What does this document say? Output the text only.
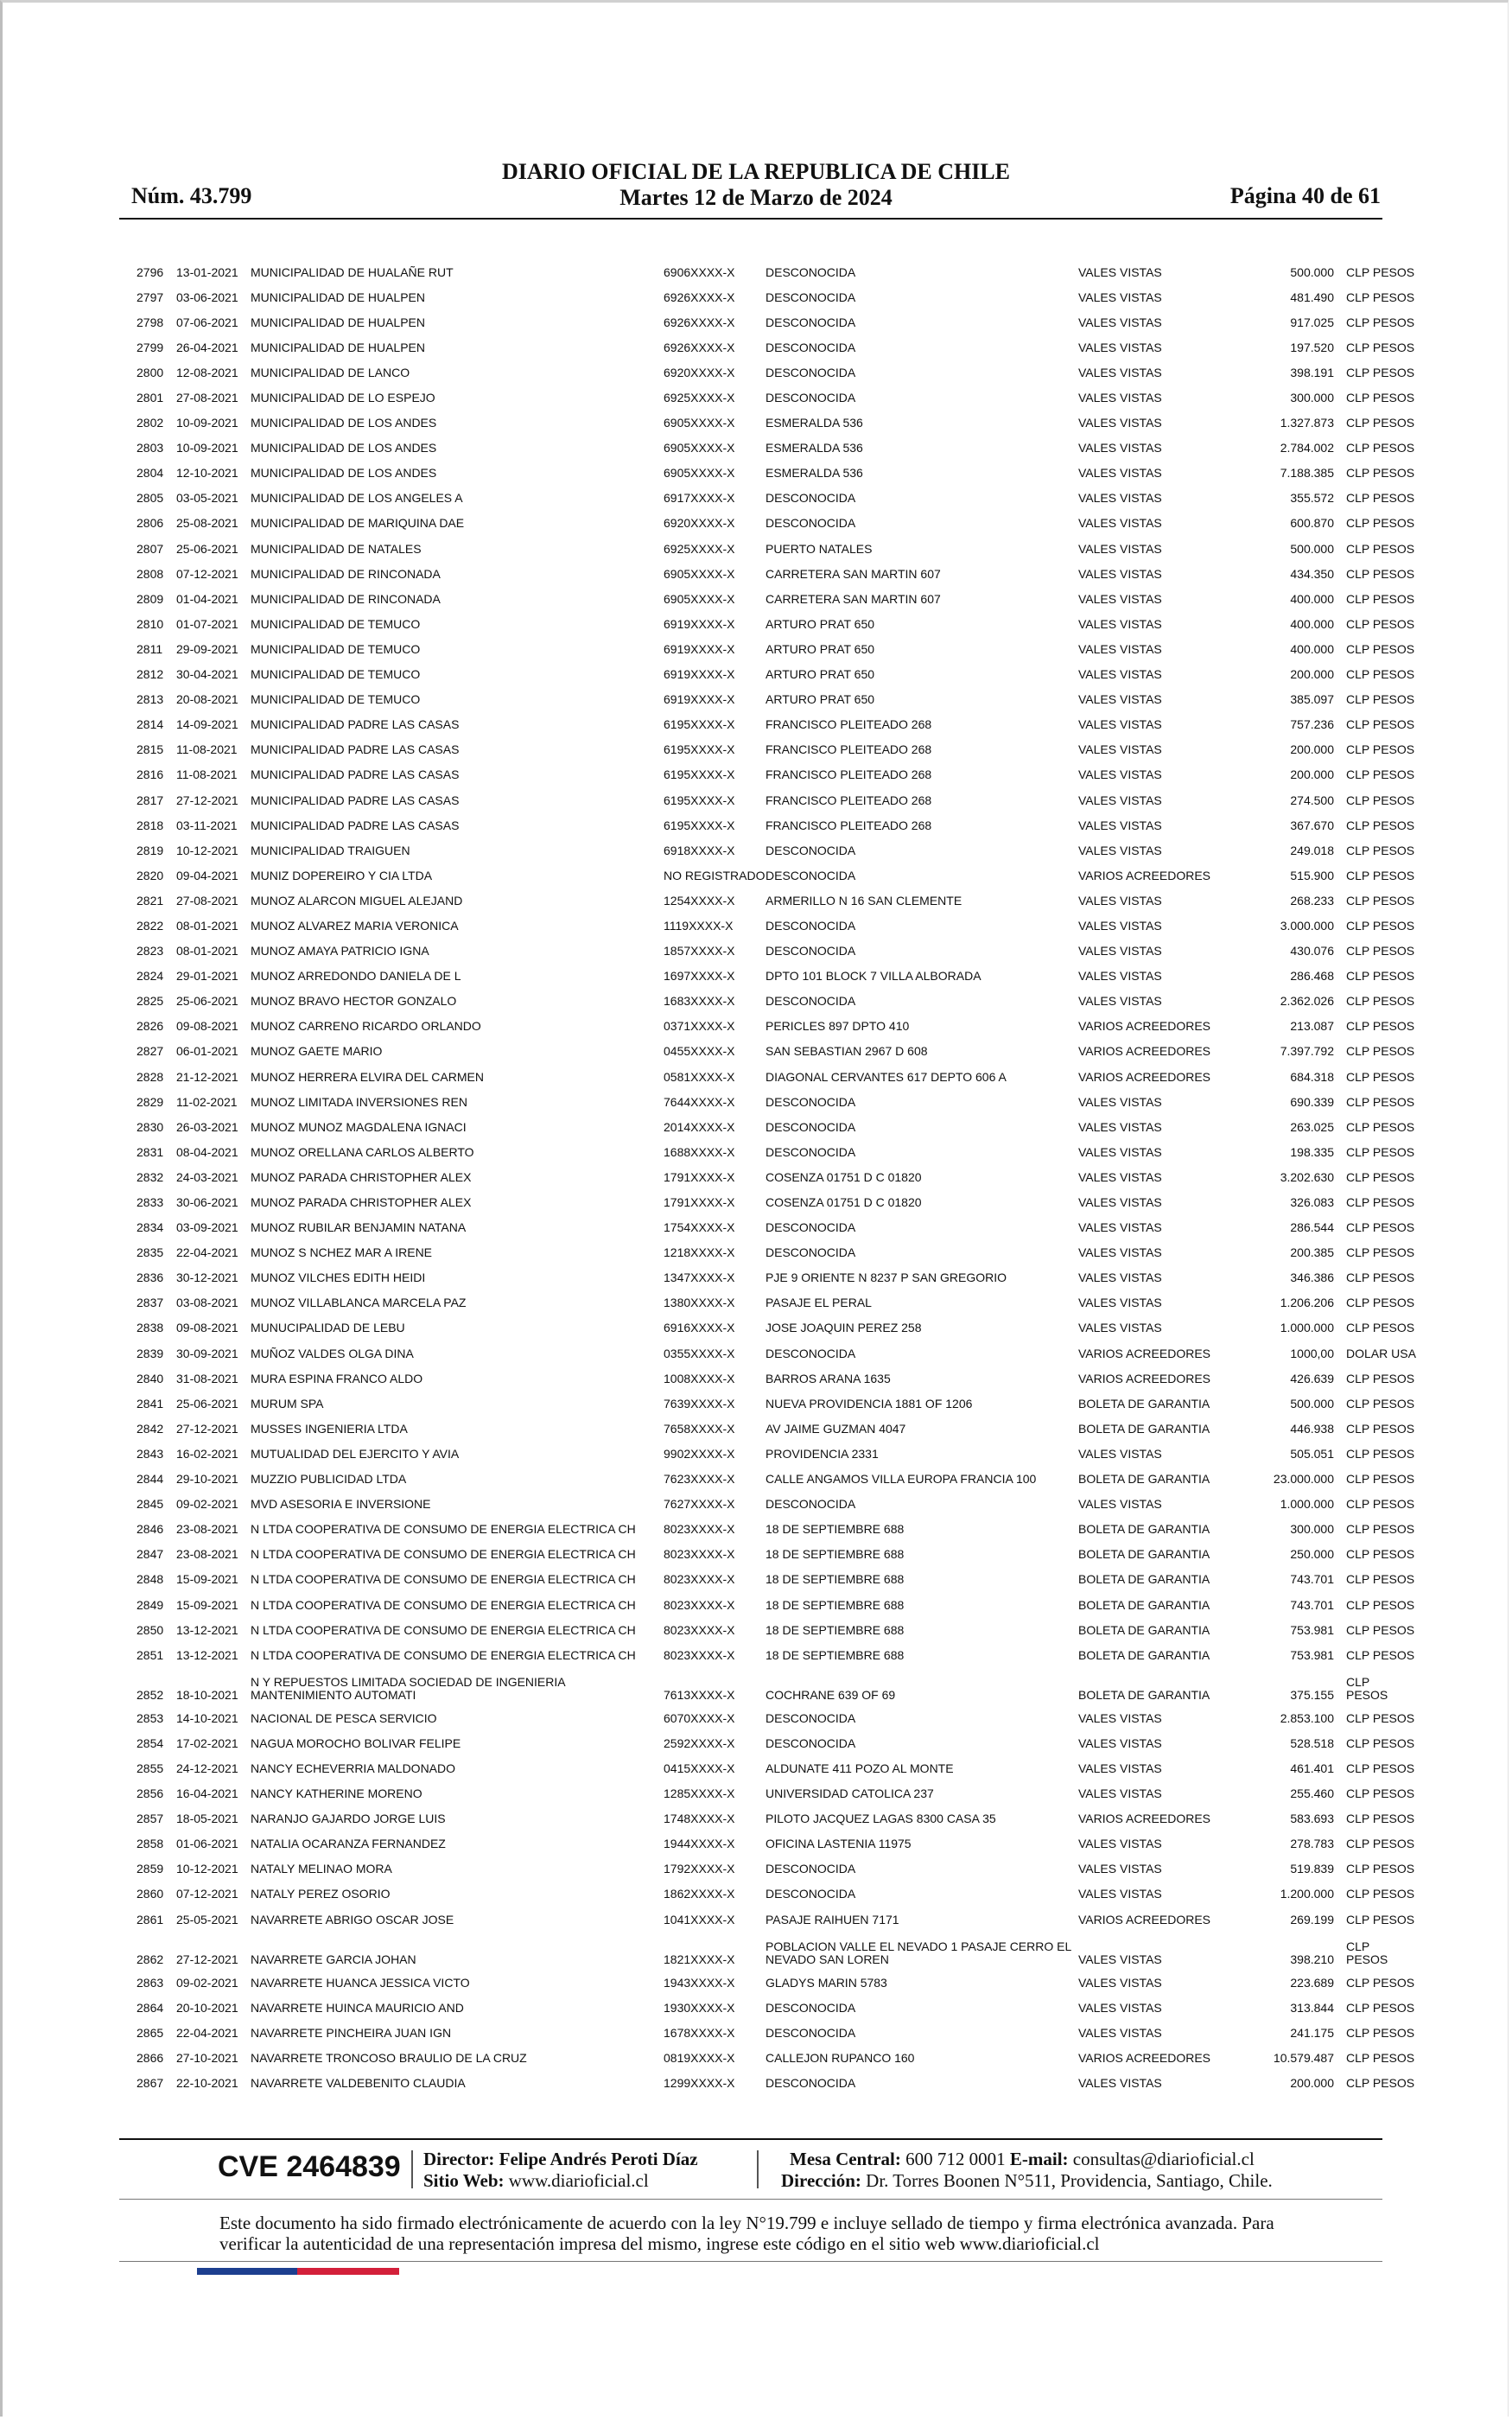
Núm. 43.799
DIARIO OFICIAL DE LA REPUBLICA DE CHILE
Martes 12 de Marzo de 2024	Página 40 de 61
2796	13-01-2021	MUNICIPALIDAD DE HUALAÑE RUT	6906XXXX-X	DESCONOCIDA	VALES VISTAS	500.000	CLP PESOS
2797	03-06-2021	MUNICIPALIDAD DE HUALPEN	6926XXXX-X	DESCONOCIDA	VALES VISTAS	481.490	CLP PESOS
2798	07-06-2021	MUNICIPALIDAD DE HUALPEN	6926XXXX-X	DESCONOCIDA	VALES VISTAS	917.025	CLP PESOS
2799	26-04-2021	MUNICIPALIDAD DE HUALPEN	6926XXXX-X	DESCONOCIDA	VALES VISTAS	197.520	CLP PESOS
2800	12-08-2021	MUNICIPALIDAD DE LANCO	6920XXXX-X	DESCONOCIDA	VALES VISTAS	398.191	CLP PESOS
2801	27-08-2021	MUNICIPALIDAD DE LO ESPEJO	6925XXXX-X	DESCONOCIDA	VALES VISTAS	300.000	CLP PESOS
2802	10-09-2021	MUNICIPALIDAD DE LOS ANDES	6905XXXX-X	ESMERALDA 536	VALES VISTAS	1.327.873	CLP PESOS
2803	10-09-2021	MUNICIPALIDAD DE LOS ANDES	6905XXXX-X	ESMERALDA 536	VALES VISTAS	2.784.002	CLP PESOS
2804	12-10-2021	MUNICIPALIDAD DE LOS ANDES	6905XXXX-X	ESMERALDA 536	VALES VISTAS	7.188.385	CLP PESOS
2805	03-05-2021	MUNICIPALIDAD DE LOS ANGELES A	6917XXXX-X	DESCONOCIDA	VALES VISTAS	355.572	CLP PESOS
2806	25-08-2021	MUNICIPALIDAD DE MARIQUINA DAE	6920XXXX-X	DESCONOCIDA	VALES VISTAS	600.870	CLP PESOS
2807	25-06-2021	MUNICIPALIDAD DE NATALES	6925XXXX-X	PUERTO NATALES	VALES VISTAS	500.000	CLP PESOS
2808	07-12-2021	MUNICIPALIDAD DE RINCONADA	6905XXXX-X	CARRETERA SAN MARTIN 607	VALES VISTAS	434.350	CLP PESOS
2809	01-04-2021	MUNICIPALIDAD DE RINCONADA	6905XXXX-X	CARRETERA SAN MARTIN 607	VALES VISTAS	400.000	CLP PESOS
2810	01-07-2021	MUNICIPALIDAD DE TEMUCO	6919XXXX-X	ARTURO PRAT 650	VALES VISTAS	400.000	CLP PESOS
2811	29-09-2021	MUNICIPALIDAD DE TEMUCO	6919XXXX-X	ARTURO PRAT 650	VALES VISTAS	400.000	CLP PESOS
2812	30-04-2021	MUNICIPALIDAD DE TEMUCO	6919XXXX-X	ARTURO PRAT 650	VALES VISTAS	200.000	CLP PESOS
2813	20-08-2021	MUNICIPALIDAD DE TEMUCO	6919XXXX-X	ARTURO PRAT 650	VALES VISTAS	385.097	CLP PESOS
2814	14-09-2021	MUNICIPALIDAD PADRE LAS CASAS	6195XXXX-X	FRANCISCO PLEITEADO 268	VALES VISTAS	757.236	CLP PESOS
2815	11-08-2021	MUNICIPALIDAD PADRE LAS CASAS	6195XXXX-X	FRANCISCO PLEITEADO 268	VALES VISTAS	200.000	CLP PESOS
2816	11-08-2021	MUNICIPALIDAD PADRE LAS CASAS	6195XXXX-X	FRANCISCO PLEITEADO 268	VALES VISTAS	200.000	CLP PESOS
2817	27-12-2021	MUNICIPALIDAD PADRE LAS CASAS	6195XXXX-X	FRANCISCO PLEITEADO 268	VALES VISTAS	274.500	CLP PESOS
2818	03-11-2021	MUNICIPALIDAD PADRE LAS CASAS	6195XXXX-X	FRANCISCO PLEITEADO 268	VALES VISTAS	367.670	CLP PESOS
2819	10-12-2021	MUNICIPALIDAD TRAIGUEN	6918XXXX-X	DESCONOCIDA	VALES VISTAS	249.018	CLP PESOS
2820	09-04-2021	MUNIZ DOPEREIRO Y CIA LTDA	NO REGISTRADO	DESCONOCIDA	VARIOS ACREEDORES	515.900	CLP PESOS
2821	27-08-2021	MUNOZ ALARCON MIGUEL ALEJAND	1254XXXX-X	ARMERILLO N 16 SAN CLEMENTE	VALES VISTAS	268.233	CLP PESOS
2822	08-01-2021	MUNOZ ALVAREZ MARIA VERONICA	1119XXXX-X	DESCONOCIDA	VALES VISTAS	3.000.000	CLP PESOS
2823	08-01-2021	MUNOZ AMAYA PATRICIO IGNA	1857XXXX-X	DESCONOCIDA	VALES VISTAS	430.076	CLP PESOS
2824	29-01-2021	MUNOZ ARREDONDO DANIELA DE L	1697XXXX-X	DPTO 101 BLOCK 7 VILLA ALBORADA	VALES VISTAS	286.468	CLP PESOS
2825	25-06-2021	MUNOZ BRAVO HECTOR GONZALO	1683XXXX-X	DESCONOCIDA	VALES VISTAS	2.362.026	CLP PESOS
2826	09-08-2021	MUNOZ CARRENO RICARDO ORLANDO	0371XXXX-X	PERICLES 897 DPTO 410	VARIOS ACREEDORES	213.087	CLP PESOS
2827	06-01-2021	MUNOZ GAETE MARIO	0455XXXX-X	SAN SEBASTIAN 2967 D 608	VARIOS ACREEDORES	7.397.792	CLP PESOS
2828	21-12-2021	MUNOZ HERRERA ELVIRA DEL CARMEN	0581XXXX-X	DIAGONAL CERVANTES 617 DEPTO 606 A	VARIOS ACREEDORES	684.318	CLP PESOS
2829	11-02-2021	MUNOZ LIMITADA INVERSIONES REN	7644XXXX-X	DESCONOCIDA	VALES VISTAS	690.339	CLP PESOS
2830	26-03-2021	MUNOZ MUNOZ MAGDALENA IGNACI	2014XXXX-X	DESCONOCIDA	VALES VISTAS	263.025	CLP PESOS
2831	08-04-2021	MUNOZ ORELLANA CARLOS ALBERTO	1688XXXX-X	DESCONOCIDA	VALES VISTAS	198.335	CLP PESOS
2832	24-03-2021	MUNOZ PARADA CHRISTOPHER ALEX	1791XXXX-X	COSENZA 01751 D C 01820	VALES VISTAS	3.202.630	CLP PESOS
2833	30-06-2021	MUNOZ PARADA CHRISTOPHER ALEX	1791XXXX-X	COSENZA 01751 D C 01820	VALES VISTAS	326.083	CLP PESOS
2834	03-09-2021	MUNOZ RUBILAR BENJAMIN NATANA	1754XXXX-X	DESCONOCIDA	VALES VISTAS	286.544	CLP PESOS
2835	22-04-2021	MUNOZ S NCHEZ MAR A IRENE	1218XXXX-X	DESCONOCIDA	VALES VISTAS	200.385	CLP PESOS
2836	30-12-2021	MUNOZ VILCHES EDITH HEIDI	1347XXXX-X	PJE 9 ORIENTE N 8237 P SAN GREGORIO	VALES VISTAS	346.386	CLP PESOS
2837	03-08-2021	MUNOZ VILLABLANCA MARCELA PAZ	1380XXXX-X	PASAJE EL PERAL	VALES VISTAS	1.206.206	CLP PESOS
2838	09-08-2021	MUNUCIPALIDAD DE LEBU	6916XXXX-X	JOSE JOAQUIN PEREZ 258	VALES VISTAS	1.000.000	CLP PESOS
2839	30-09-2021	MUÑOZ VALDES OLGA DINA	0355XXXX-X	DESCONOCIDA	VARIOS ACREEDORES	1000,00	DOLAR USA
2840	31-08-2021	MURA ESPINA FRANCO ALDO	1008XXXX-X	BARROS ARANA 1635	VARIOS ACREEDORES	426.639	CLP PESOS
2841	25-06-2021	MURUM SPA	7639XXXX-X	NUEVA PROVIDENCIA 1881 OF 1206	BOLETA DE GARANTIA	500.000	CLP PESOS
2842	27-12-2021	MUSSES INGENIERIA LTDA	7658XXXX-X	AV JAIME GUZMAN 4047	BOLETA DE GARANTIA	446.938	CLP PESOS
2843	16-02-2021	MUTUALIDAD DEL EJERCITO Y AVIA	9902XXXX-X	PROVIDENCIA 2331	VALES VISTAS	505.051	CLP PESOS
2844	29-10-2021	MUZZIO PUBLICIDAD LTDA	7623XXXX-X	CALLE ANGAMOS VILLA EUROPA FRANCIA 100	BOLETA DE GARANTIA	23.000.000	CLP PESOS
2845	09-02-2021	MVD ASESORIA E INVERSIONE	7627XXXX-X	DESCONOCIDA	VALES VISTAS	1.000.000	CLP PESOS
2846	23-08-2021	N LTDA COOPERATIVA DE CONSUMO DE ENERGIA ELECTRICA CH	8023XXXX-X	18 DE SEPTIEMBRE 688	BOLETA DE GARANTIA	300.000	CLP PESOS
2847	23-08-2021	N LTDA COOPERATIVA DE CONSUMO DE ENERGIA ELECTRICA CH	8023XXXX-X	18 DE SEPTIEMBRE 688	BOLETA DE GARANTIA	250.000	CLP PESOS
2848	15-09-2021	N LTDA COOPERATIVA DE CONSUMO DE ENERGIA ELECTRICA CH	8023XXXX-X	18 DE SEPTIEMBRE 688	BOLETA DE GARANTIA	743.701	CLP PESOS
2849	15-09-2021	N LTDA COOPERATIVA DE CONSUMO DE ENERGIA ELECTRICA CH	8023XXXX-X	18 DE SEPTIEMBRE 688	BOLETA DE GARANTIA	743.701	CLP PESOS
2850	13-12-2021	N LTDA COOPERATIVA DE CONSUMO DE ENERGIA ELECTRICA CH	8023XXXX-X	18 DE SEPTIEMBRE 688	BOLETA DE GARANTIA	753.981	CLP PESOS
2851	13-12-2021	N LTDA COOPERATIVA DE CONSUMO DE ENERGIA ELECTRICA CH	8023XXXX-X	18 DE SEPTIEMBRE 688	BOLETA DE GARANTIA	753.981	CLP PESOS
2852	18-10-2021	N Y REPUESTOS LIMITADA SOCIEDAD DE INGENIERIA MANTENIMIENTO AUTOMATI	7613XXXX-X	COCHRANE 639 OF 69	BOLETA DE GARANTIA	375.155	CLP PESOS
2853	14-10-2021	NACIONAL DE PESCA SERVICIO	6070XXXX-X	DESCONOCIDA	VALES VISTAS	2.853.100	CLP PESOS
2854	17-02-2021	NAGUA MOROCHO BOLIVAR FELIPE	2592XXXX-X	DESCONOCIDA	VALES VISTAS	528.518	CLP PESOS
2855	24-12-2021	NANCY ECHEVERRIA MALDONADO	0415XXXX-X	ALDUNATE 411 POZO AL MONTE	VALES VISTAS	461.401	CLP PESOS
2856	16-04-2021	NANCY KATHERINE MORENO	1285XXXX-X	UNIVERSIDAD CATOLICA 237	VALES VISTAS	255.460	CLP PESOS
2857	18-05-2021	NARANJO GAJARDO JORGE LUIS	1748XXXX-X	PILOTO JACQUEZ LAGAS 8300 CASA 35	VARIOS ACREEDORES	583.693	CLP PESOS
2858	01-06-2021	NATALIA OCARANZA FERNANDEZ	1944XXXX-X	OFICINA LASTENIA 11975	VALES VISTAS	278.783	CLP PESOS
2859	10-12-2021	NATALY MELINAO MORA	1792XXXX-X	DESCONOCIDA	VALES VISTAS	519.839	CLP PESOS
2860	07-12-2021	NATALY PEREZ OSORIO	1862XXXX-X	DESCONOCIDA	VALES VISTAS	1.200.000	CLP PESOS
2861	25-05-2021	NAVARRETE ABRIGO OSCAR JOSE	1041XXXX-X	PASAJE RAIHUEN 7171	VARIOS ACREEDORES	269.199	CLP PESOS
2862	27-12-2021	NAVARRETE GARCIA JOHAN	1821XXXX-X	POBLACION VALLE EL NEVADO 1 PASAJE CERRO EL NEVADO SAN LOREN	VALES VISTAS	398.210	CLP PESOS
2863	09-02-2021	NAVARRETE HUANCA JESSICA VICTO	1943XXXX-X	GLADYS MARIN 5783	VALES VISTAS	223.689	CLP PESOS
2864	20-10-2021	NAVARRETE HUINCA MAURICIO AND	1930XXXX-X	DESCONOCIDA	VALES VISTAS	313.844	CLP PESOS
2865	22-04-2021	NAVARRETE PINCHEIRA JUAN IGN	1678XXXX-X	DESCONOCIDA	VALES VISTAS	241.175	CLP PESOS
2866	27-10-2021	NAVARRETE TRONCOSO BRAULIO DE LA CRUZ	0819XXXX-X	CALLEJON RUPANCO 160	VARIOS ACREEDORES	10.579.487	CLP PESOS
2867	22-10-2021	NAVARRETE VALDEBENITO CLAUDIA	1299XXXX-X	DESCONOCIDA	VALES VISTAS	200.000	CLP PESOS
CVE 2464839 Director: Felipe Andrés Peroti Díaz
Sitio Web: www.diarioficial.cl
Mesa Central: 600 712 0001 E-mail: consultas@diarioficial.cl
Dirección: Dr. Torres Boonen N°511, Providencia, Santiago, Chile.
Este documento ha sido firmado electrónicamente de acuerdo con la ley N°19.799 e incluye sellado de tiempo y firma electrónica avanzada. Para verificar la autenticidad de una representación impresa del mismo, ingrese este código en el sitio web www.diarioficial.cl
